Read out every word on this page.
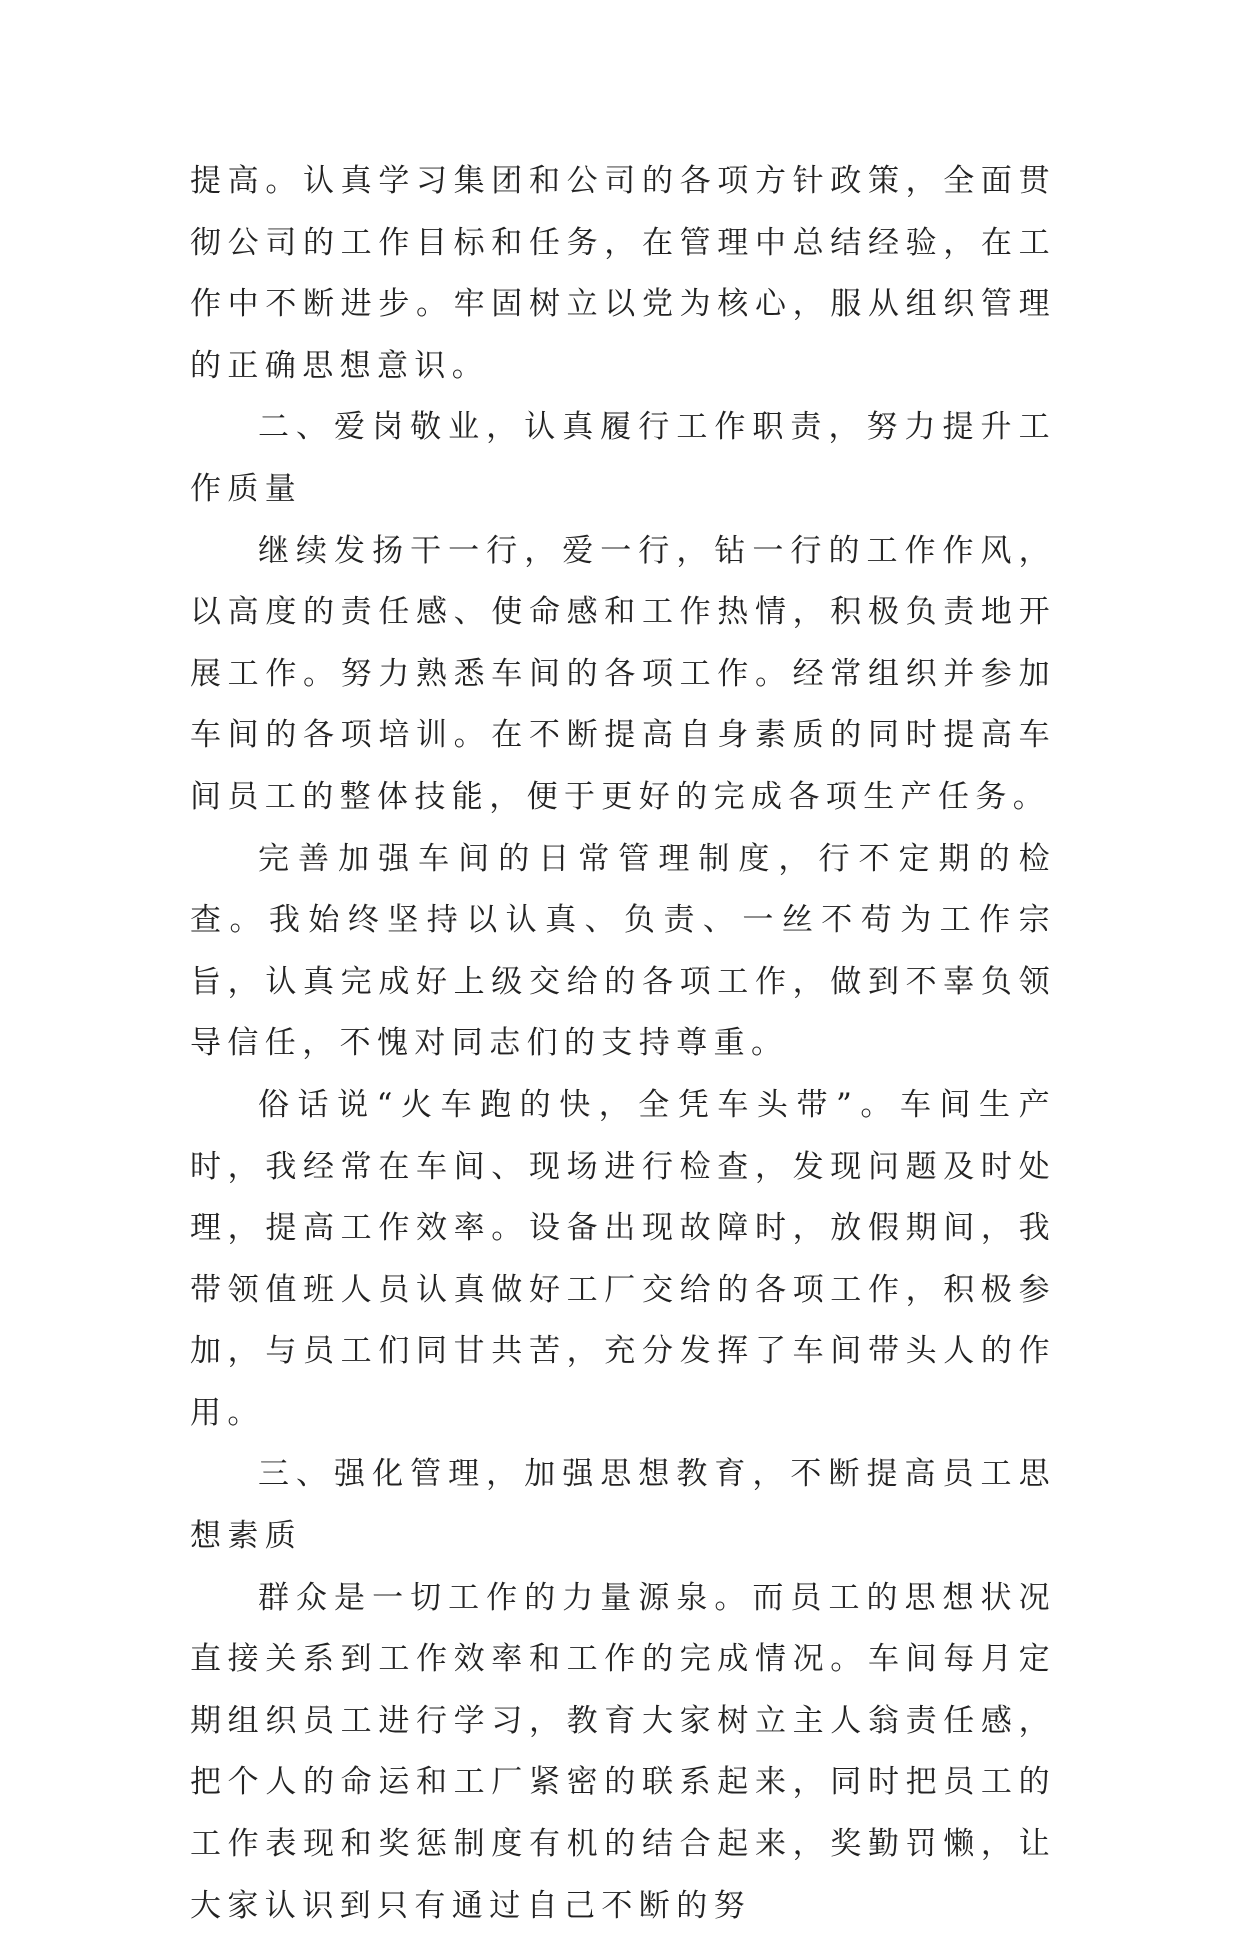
提高。认真学习集团和公司的各项方针政策，全面贯彻公司的工作目标和任务，在管理中总结经验，在工作中不断进步。牢固树立以党为核心，服从组织管理的正确思想意识。

二、爱岗敬业，认真履行工作职责，努力提升工作质量

继续发扬干一行，爱一行，钻一行的工作作风，以高度的责任感、使命感和工作热情，积极负责地开展工作。努力熟悉车间的各项工作。经常组织并参加车间的各项培训。在不断提高自身素质的同时提高车间员工的整体技能，便于更好的完成各项生产任务。

完善加强车间的日常管理制度，行不定期的检查。我始终坚持以认真、负责、一丝不苟为工作宗旨，认真完成好上级交给的各项工作，做到不辜负领导信任，不愧对同志们的支持尊重。

俗话说“火车跑的快，全凭车头带”。车间生产时，我经常在车间、现场进行检查，发现问题及时处理，提高工作效率。设备出现故障时，放假期间，我带领值班人员认真做好工厂交给的各项工作，积极参加，与员工们同甘共苦，充分发挥了车间带头人的作用。

三、强化管理，加强思想教育，不断提高员工思想素质

群众是一切工作的力量源泉。而员工的思想状况直接关系到工作效率和工作的完成情况。车间每月定期组织员工进行学习，教育大家树立主人翁责任感，把个人的命运和工厂紧密的联系起来，同时把员工的工作表现和奖惩制度有机的结合起来，奖勤罚懒，让大家认识到只有通过自己不断的努
